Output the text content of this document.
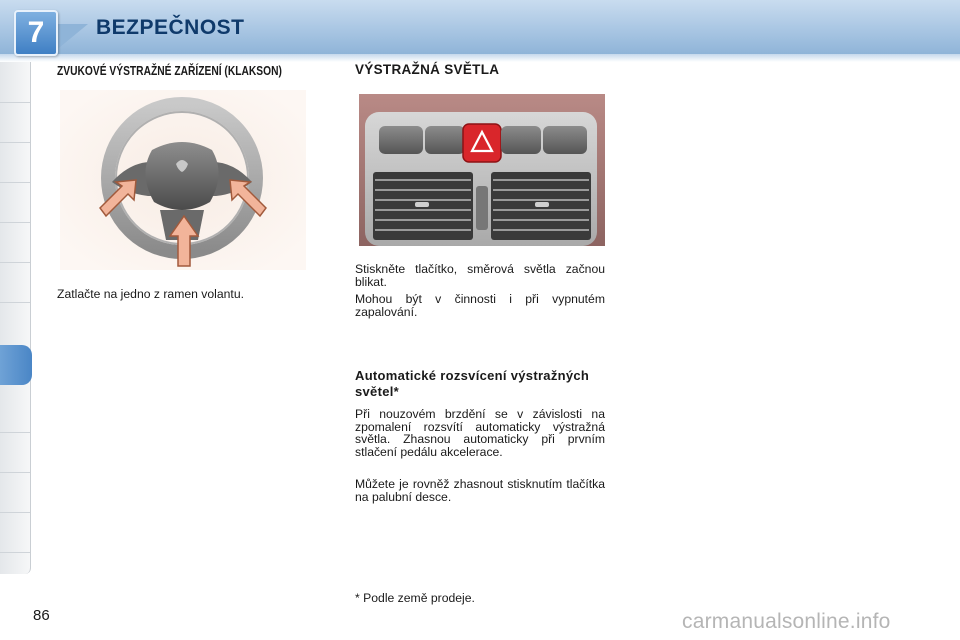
7	BEZPEČNOST
ZVUKOVÉ VÝSTRAŽNÉ ZAŘÍZENÍ (KLAKSON)
Zatlačte na jedno z ramen volantu.
VÝSTRAŽNÁ SVĚTLA
Stiskněte tlačítko, směrová světla začnou blikat.
Mohou být v činnosti i při vypnutém zapalování.
Automatické rozsvícení výstražných světel*
Při nouzovém brzdění se v závislosti na zpomalení rozsvítí automaticky výstražná světla. Zhasnou automaticky při prvním stlačení pedálu akcelerace.
Můžete je rovněž zhasnout stisknutím tlačítka na palubní desce.
* Podle země prodeje.
86	carmanualsonline.info
